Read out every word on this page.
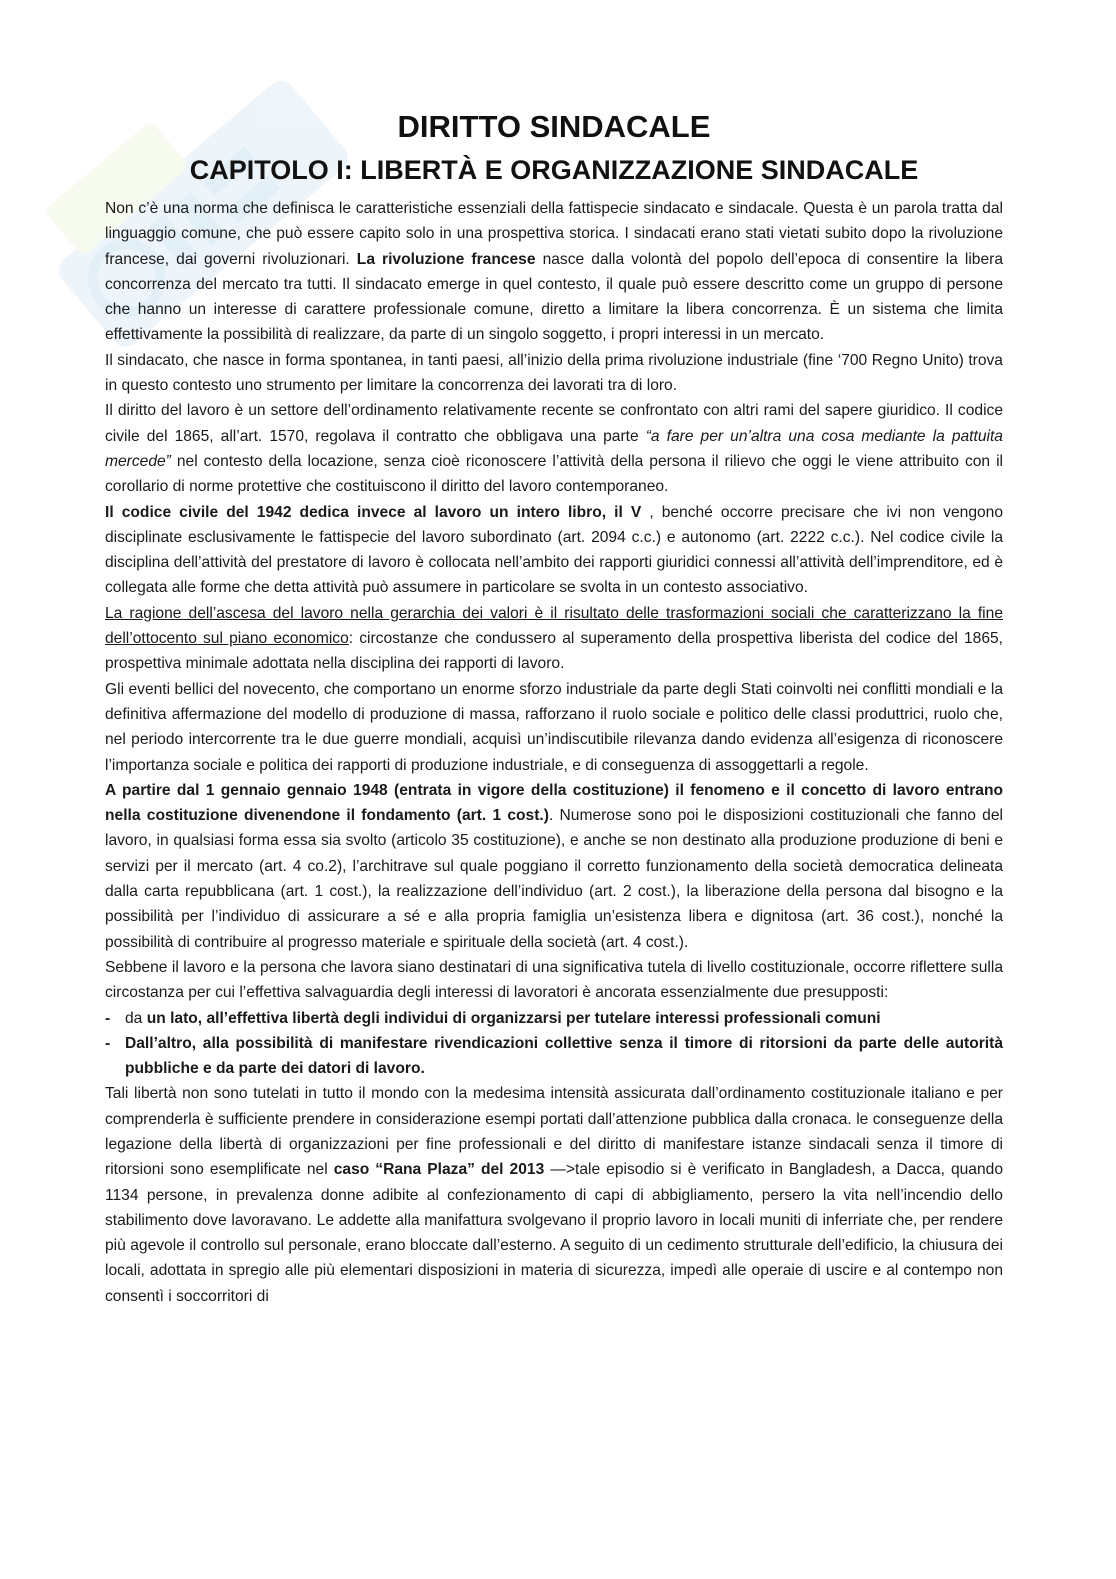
DIRITTO SINDACALE
CAPITOLO I: LIBERTÀ E ORGANIZZAZIONE SINDACALE

Non c’è una norma che definisca le caratteristiche essenziali della fattispecie sindacato e sindacale. Questa è un parola tratta dal linguaggio comune, che può essere capito solo in una prospettiva storica. I sindacati erano stati vietati subito dopo la rivoluzione francese, dai governi rivoluzionari. La rivoluzione francese nasce dalla volontà del popolo dell’epoca di consentire la libera concorrenza del mercato tra tutti. Il sindacato emerge in quel contesto, il quale può essere descritto come un gruppo di persone che hanno un interesse di carattere professionale comune, diretto a limitare la libera concorrenza. È un sistema che limita effettivamente la possibilità di realizzare, da parte di un singolo soggetto, i propri interessi in un mercato.

Il sindacato, che nasce in forma spontanea, in tanti paesi, all’inizio della prima rivoluzione industriale (fine ‘700 Regno Unito) trova in questo contesto uno strumento per limitare la concorrenza dei lavorati tra di loro.

Il diritto del lavoro è un settore dell’ordinamento relativamente recente se confrontato con altri rami del sapere giuridico. Il codice civile del 1865, all’art. 1570, regolava il contratto che obbligava una parte “a fare per un’altra una cosa mediante la pattuita mercede” nel contesto della locazione, senza cioè riconoscere l’attività della persona il rilievo che oggi le viene attribuito con il corollario di norme protettive che costituiscono il diritto del lavoro contemporaneo.

Il codice civile del 1942 dedica invece al lavoro un intero libro, il V , benché occorre precisare che ivi non vengono disciplinate esclusivamente le fattispecie del lavoro subordinato (art. 2094 c.c.) e autonomo (art. 2222 c.c.). Nel codice civile la disciplina dell’attività del prestatore di lavoro è collocata nell’ambito dei rapporti giuridici connessi all’attività dell’imprenditore, ed è collegata alle forme che detta attività può assumere in particolare se svolta in un contesto associativo.

La ragione dell’ascesa del lavoro nella gerarchia dei valori è il risultato delle trasformazioni sociali che caratterizzano la fine dell’ottocento sul piano economico: circostanze che condussero al superamento della prospettiva liberista del codice del 1865, prospettiva minimale adottata nella disciplina dei rapporti di lavoro.

Gli eventi bellici del novecento, che comportano un enorme sforzo industriale da parte degli Stati coinvolti nei conflitti mondiali e la definitiva affermazione del modello di produzione di massa, rafforzano il ruolo sociale e politico delle classi produttrici, ruolo che, nel periodo intercorrente tra le due guerre mondiali, acquisì un’indiscutibile rilevanza dando evidenza all’esigenza di riconoscere l’importanza sociale e politica dei rapporti di produzione industriale, e di conseguenza di assoggettarli a regole.

A partire dal 1 gennaio gennaio 1948 (entrata in vigore della costituzione) il fenomeno e il concetto di lavoro entrano nella costituzione divenendone il fondamento (art. 1 cost.). Numerose sono poi le disposizioni costituzionali che fanno del lavoro, in qualsiasi forma essa sia svolto (articolo 35 costituzione), e anche se non destinato alla produzione produzione di beni e servizi per il mercato (art. 4 co.2), l’architrave sul quale poggiano il corretto funzionamento della società democratica delineata dalla carta repubblicana (art. 1 cost.), la realizzazione dell’individuo (art. 2 cost.), la liberazione della persona dal bisogno e la possibilità per l’individuo di assicurare a sé e alla propria famiglia un’esistenza libera e dignitosa (art. 36 cost.), nonché la possibilità di contribuire al progresso materiale e spirituale della società (art. 4 cost.).

Sebbene il lavoro e la persona che lavora siano destinatari di una significativa tutela di livello costituzionale, occorre riflettere sulla circostanza per cui l’effettiva salvaguardia degli interessi di lavoratori è ancorata essenzialmente due presupposti:

- da un lato, all’effettiva libertà degli individui di organizzarsi per tutelare interessi professionali comuni
- Dall’altro, alla possibilità di manifestare rivendicazioni collettive senza il timore di ritorsioni da parte delle autorità pubbliche e da parte dei datori di lavoro.

Tali libertà non sono tutelati in tutto il mondo con la medesima intensità assicurata dall’ordinamento costituzionale italiano e per comprenderla è sufficiente prendere in considerazione esempi portati dall’attenzione pubblica dalla cronaca. le conseguenze della legazione della libertà di organizzazioni per fine professionali e del diritto di manifestare istanze sindacali senza il timore di ritorsioni sono esemplificate nel caso “Rana Plaza” del 2013 —>tale episodio si è verificato in Bangladesh, a Dacca, quando 1134 persone, in prevalenza donne adibite al confezionamento di capi di abbigliamento, persero la vita nell’incendio dello stabilimento dove lavoravano. Le addette alla manifattura svolgevano il proprio lavoro in locali muniti di inferriate che, per rendere più agevole il controllo sul personale, erano bloccate dall’esterno. A seguito di un cedimento strutturale dell’edificio, la chiusura dei locali, adottata in spregio alle più elementari disposizioni in materia di sicurezza, impedì alle operaie di uscire e al contempo non consentì i soccorritori di
